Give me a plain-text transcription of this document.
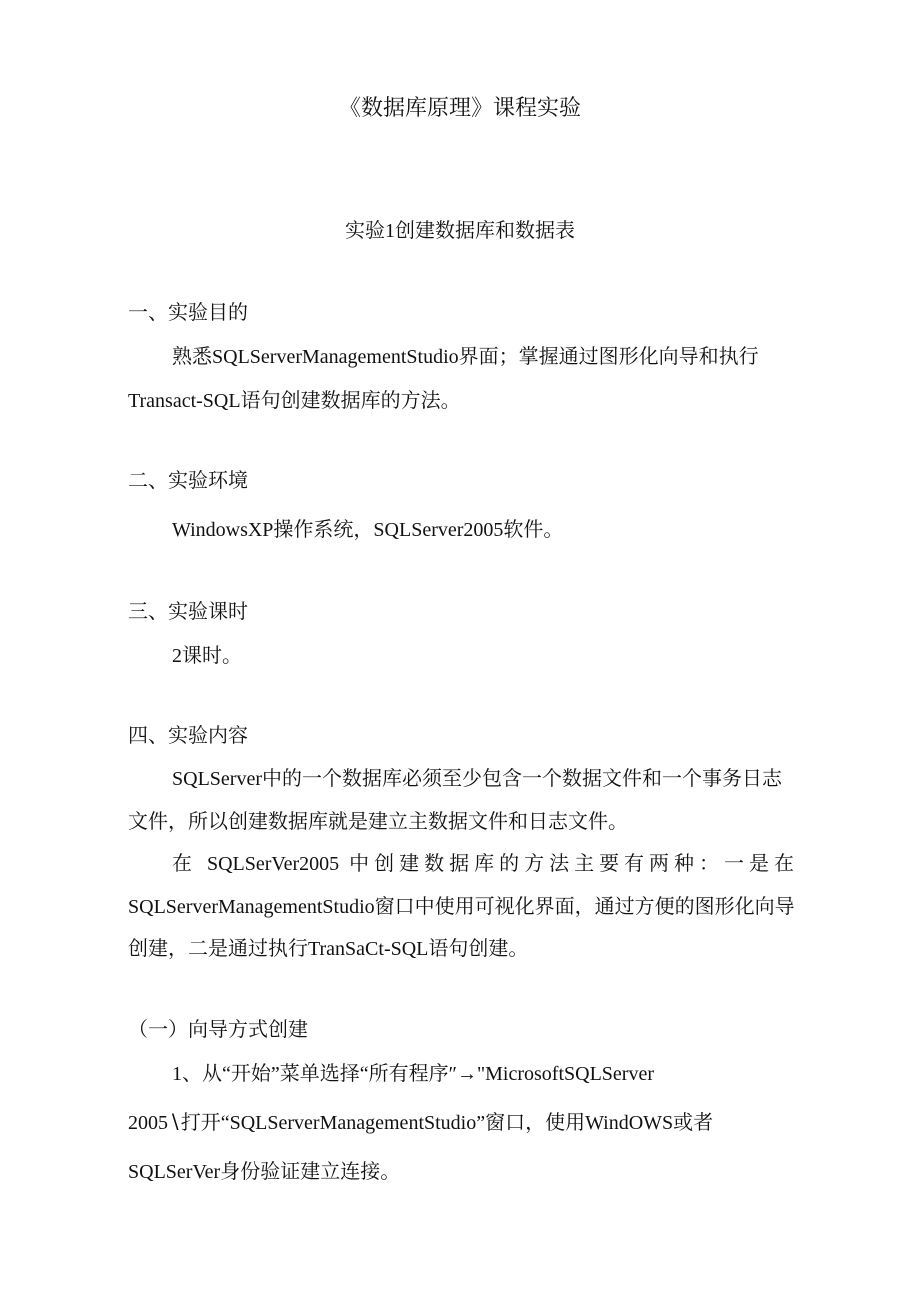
《数据库原理》课程实验
实验1创建数据库和数据表
一、实验目的
熟悉SQLServerManagementStudio界面；掌握通过图形化向导和执行
Transact-SQL语句创建数据库的方法。
二、实验环境
WindowsXP操作系统，SQLServer2005软件。
三、实验课时
2课时。
四、实验内容
SQLServer中的一个数据库必须至少包含一个数据文件和一个事务日志
文件，所以创建数据库就是建立主数据文件和日志文件。
在 SQLSerVer2005 中创建数据库的方法主要有两种：一是在
SQLServerManagementStudio窗口中使用可视化界面，通过方便的图形化向导
创建，二是通过执行TranSaCt-SQL语句创建。
（一）向导方式创建
1、从“开始”菜单选择“所有程序″→"MicrosoftSQLServer
2005∖打开“SQLServerManagementStudio”窗口，使用WindOWS或者
SQLSerVer身份验证建立连接。
